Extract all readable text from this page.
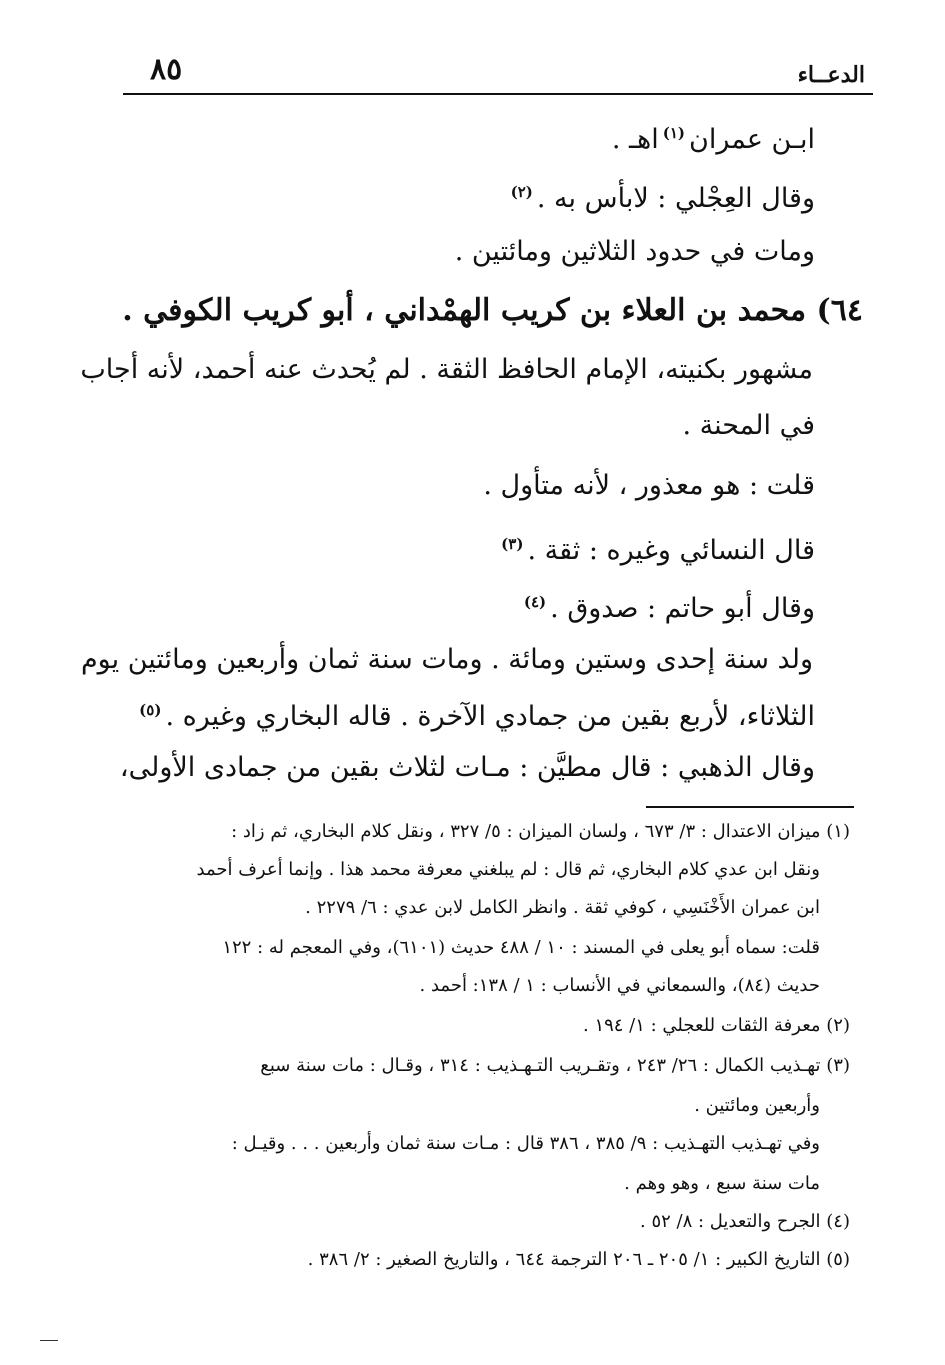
٨٥	الدعــاء
ابـن عمران$^{(١)}$اهـ .
وقال العِجْلي : لابأس به .$^{(٢)}$
ومات في حدود الثلاثين ومائتين .
٦٤) محمد بن العلاء بن كريب الهمْداني ، أبو كريب الكوفي .
مشهور بكنيته، الإمام الحافظ الثقة . لم يُحدث عنه أحمد، لأنه أجاب
في المحنة .
قلت : هو معذور ، لأنه متأول .
قال النسائي وغيره : ثقة .$^{(٣)}$
وقال أبو حاتم : صدوق .$^{(٤)}$
ولد سنة إحدى وستين ومائة . ومات سنة ثمان وأربعين ومائتين يوم
الثلاثاء، لأربع بقين من جمادي الآخرة . قاله البخاري وغيره .$^{(٥)}$
وقال الذهبي : قال مطيَّن : مـات لثلاث بقين من جمادى الأولى،
(١) ميزان الاعتدال : ٣/ ٦٧٣ ، ولسان الميزان : ٥/ ٣٢٧ ، ونقل كلام البخاري، ثم زاد :
ونقل ابن عدي كلام البخاري، ثم قال : لم يبلغني معرفة محمد هذا . وإنما أعرف أحمد
ابن عمران الأَخْنَسِي ، كوفي ثقة . وانظر الكامل لابن عدي : ٦/ ٢٢٧٩ .
قلت: سماه أبو يعلى في المسند : ١٠ / ٤٨٨ حديث (٦١٠١)، وفي المعجم له : ١٢٢
حديث (٨٤)، والسمعاني في الأنساب : ١ / ١٣٨: أحمد .
(٢) معرفة الثقات للعجلي : ١/ ١٩٤ .
(٣) تهـذيب الكمال : ٢٦/ ٢٤٣ ، وتقـريب التـهـذيب : ٣١٤ ، وقـال : مات سنة سبع
وأربعين ومائتين .
وفي تهـذيب التهـذيب : ٩/ ٣٨٥ ، ٣٨٦ قال : مـات سنة ثمان وأربعين . . . وقيـل :
مات سنة سبع ، وهو وهم .
(٤) الجرح والتعديل : ٨/ ٥٢ .
(٥) التاريخ الكبير : ١/ ٢٠٥ ـ ٢٠٦ الترجمة ٦٤٤ ، والتاريخ الصغير : ٢/ ٣٨٦ .
